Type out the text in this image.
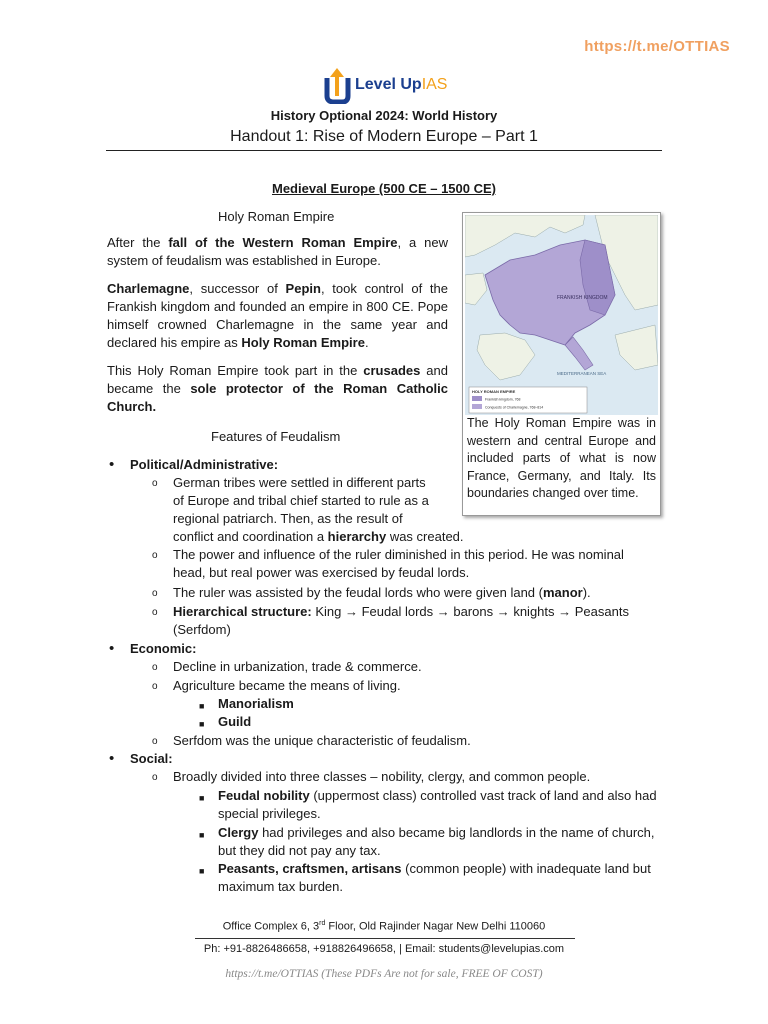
https://t.me/OTTIAS
Level UpIAS
History Optional 2024: World History
Handout 1: Rise of Modern Europe – Part 1
Medieval Europe (500 CE – 1500 CE)
Holy Roman Empire
After the fall of the Western Roman Empire, a new system of feudalism was established in Europe.
Charlemagne, successor of Pepin, took control of the Frankish kingdom and founded an empire in 800 CE. Pope himself crowned Charlemagne in the same year and declared his empire as Holy Roman Empire.
This Holy Roman Empire took part in the crusades and became the sole protector of the Roman Catholic Church.
FRANKISH KINGDOM
MEDITERRANEAN SEA
HOLY ROMAN EMPIRE
Frankish kingdom, 768
Conquests of Charlemagne, 768–814
The Holy Roman Empire was in western and central Europe and included parts of what is now France, Germany, and Italy. Its boundaries changed over time.
Features of Feudalism
• Political/Administrative:
o German tribes were settled in different parts
of Europe and tribal chief started to rule as a
regional patriarch. Then, as the result of
conflict and coordination a hierarchy was created.
o The power and influence of the ruler diminished in this period. He was nominal
head, but real power was exercised by feudal lords.
o The ruler was assisted by the feudal lords who were given land (manor).
o Hierarchical structure: King → Feudal lords → barons → knights → Peasants
(Serfdom)
• Economic:
o Decline in urbanization, trade & commerce.
o Agriculture became the means of living.
■ Manorialism
■ Guild
o Serfdom was the unique characteristic of feudalism.
• Social:
o Broadly divided into three classes – nobility, clergy, and common people.
■ Feudal nobility (uppermost class) controlled vast track of land and also had
special privileges.
■ Clergy had privileges and also became big landlords in the name of church,
but they did not pay any tax.
■ Peasants, craftsmen, artisans (common people) with inadequate land but
maximum tax burden.
Office Complex 6, 3rd Floor, Old Rajinder Nagar New Delhi 110060
Ph: +91-8826486658, +918826496658, | Email: students@levelupias.com
https://t.me/OTTIAS (These PDFs Are not for sale, FREE OF COST)
